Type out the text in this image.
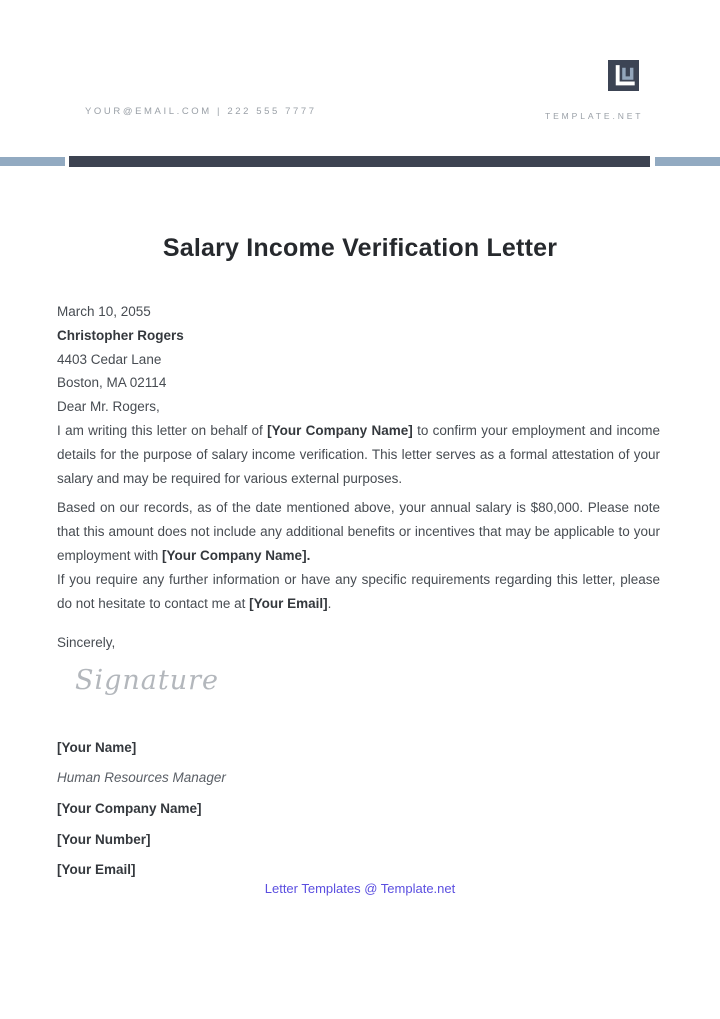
YOUR@EMAIL.COM | 222 555 7777	TEMPLATE.NET
Salary Income Verification Letter
March 10, 2055
Christopher Rogers
4403 Cedar Lane
Boston, MA 02114
Dear Mr. Rogers,

I am writing this letter on behalf of [Your Company Name] to confirm your employment and income details for the purpose of salary income verification. This letter serves as a formal attestation of your salary and may be required for various external purposes.

Based on our records, as of the date mentioned above, your annual salary is $80,000. Please note that this amount does not include any additional benefits or incentives that may be applicable to your employment with [Your Company Name].

If you require any further information or have any specific requirements regarding this letter, please do not hesitate to contact me at [Your Email].

Sincerely,
Signature
[Your Name]
Human Resources Manager
[Your Company Name]
[Your Number]
[Your Email]
Letter Templates @ Template.net
